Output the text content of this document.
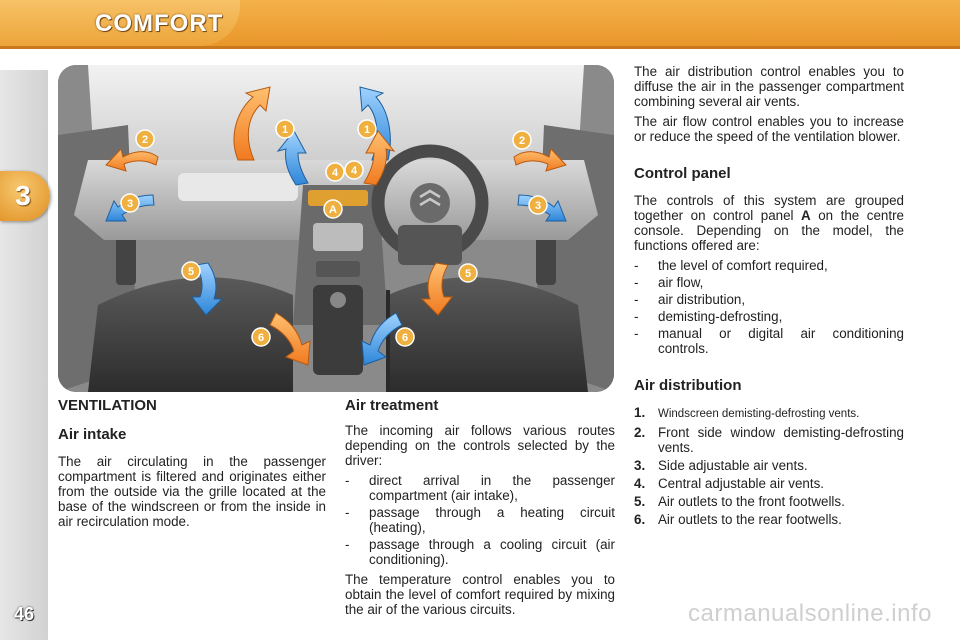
COMFORT
3
46
1	1
2	2
3	3
4 4
5	5
6	6
A
VENTILATION
Air intake

The air circulating in the passenger compartment is filtered and originates either from the outside via the grille located at the base of the windscreen or from the inside in air recirculation mode.

Air treatment

The incoming air follows various routes depending on the controls selected by the driver:

- direct arrival in the passenger compartment (air intake),
- passage through a heating circuit (heating),
- passage through a cooling circuit (air conditioning).

The temperature control enables you to obtain the level of comfort required by mixing the air of the various circuits.

The air distribution control enables you to diffuse the air in the passenger compartment combining several air vents.

The air flow control enables you to increase or reduce the speed of the ventilation blower.

Control panel

The controls of this system are grouped together on control panel A on the centre console. Depending on the model, the functions offered are:

- the level of comfort required,
- air flow,
- air distribution,
- demisting-defrosting,
- manual or digital air conditioning controls.
Air distribution
1. Windscreen demisting-defrosting vents.
2. Front side window demisting-defrosting vents.
3. Side adjustable air vents.
4. Central adjustable air vents.
5. Air outlets to the front footwells.
6. Air outlets to the rear footwells.
carmanualsonline.info
